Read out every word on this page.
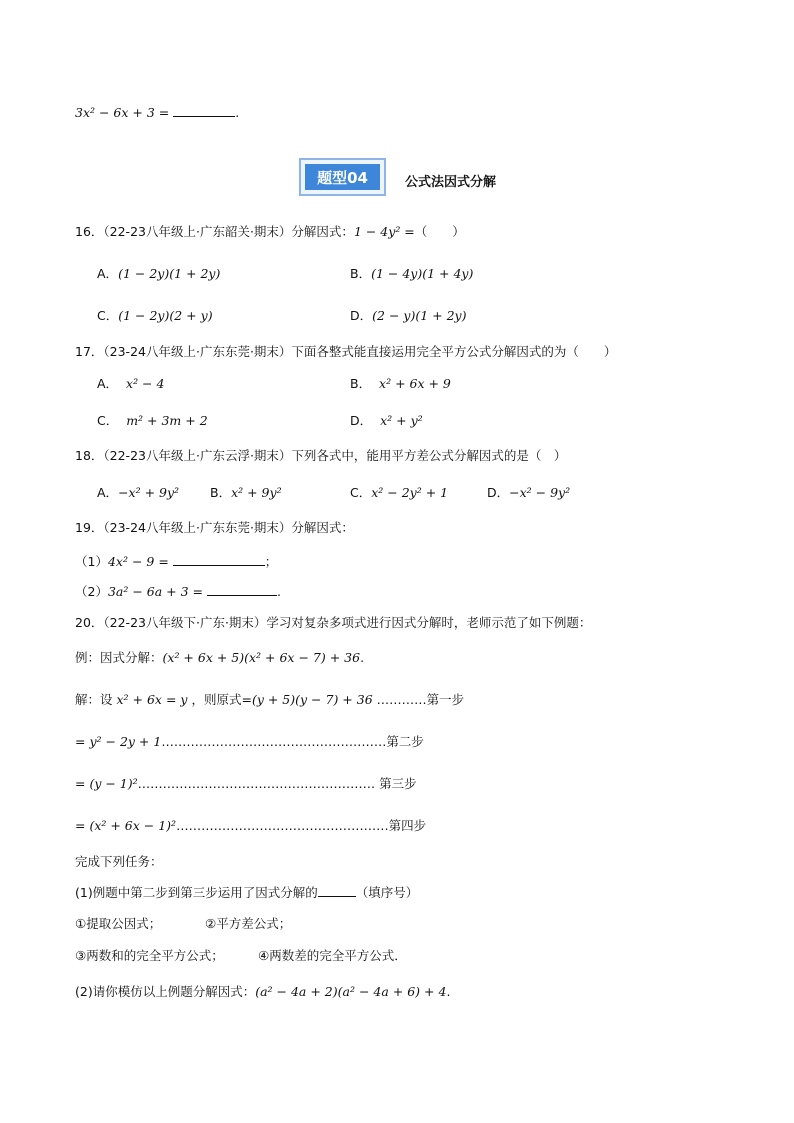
3x² − 6x + 3 =	.
题型04	公式法因式分解
16．（22-23八年级上·广东韶关·期末）分解因式：1 − 4y² =（　　）
A．(1 − 2y)(1 + 2y)	B．(1 − 4y)(1 + 4y)
C．(1 − 2y)(2 + y)	D．(2 − y)(1 + 2y)
17．（23-24八年级上·广东东莞·期末）下面各整式能直接运用完全平方公式分解因式的为（　　）
A． x² − 4	B． x² + 6x + 9
C． m² + 3m + 2	D． x² + y²
18．（22-23八年级上·广东云浮·期末）下列各式中，能用平方差公式分解因式的是（　）
A．−x² + 9y² B．x² + 9y²	C．x² − 2y² + 1	D．−x² − 9y²
19．（23-24八年级上·广东东莞·期末）分解因式：
（1）4x² − 9 =	；
（2）3a² − 6a + 3 =	.
20．（22-23八年级下·广东·期末）学习对复杂多项式进行因式分解时，老师示范了如下例题：
例：因式分解：(x² + 6x + 5)(x² + 6x − 7) + 36.
解：设 x² + 6x = y ，则原式=(y + 5)(y − 7) + 36 …………第一步
= y² − 2y + 1………………………………………………第二步
= (y − 1)²………………………………………………… 第三步
= (x² + 6x − 1)²……………………………………………第四步
完成下列任务：
(1)例题中第二步到第三步运用了因式分解的	（填序号）
①提取公因式；	②平方差公式；
③两数和的完全平方公式；	④两数差的完全平方公式．
(2)请你模仿以上例题分解因式：(a² − 4a + 2)(a² − 4a + 6) + 4.
